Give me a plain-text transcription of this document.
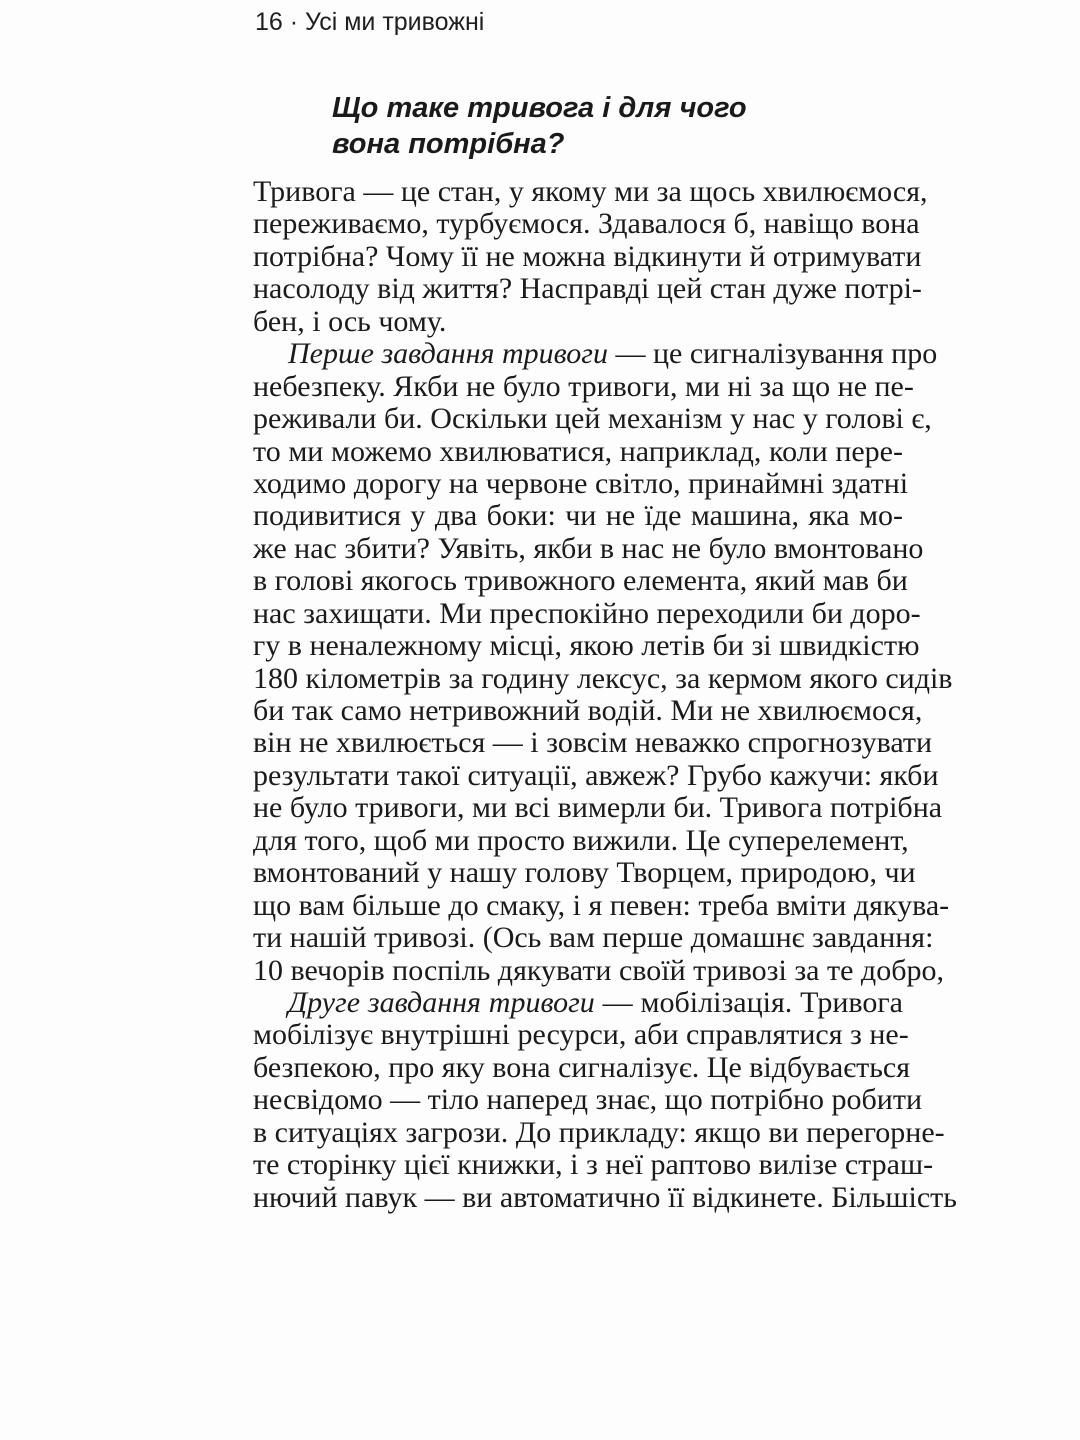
16 · Усі ми тривожні
Що таке тривога і для чого
вона потрібна?
Тривога — це стан, у якому ми за щось хвилюємося,
переживаємо, турбуємося. Здавалося б, навіщо вона
потрібна? Чому її не можна відкинути й отримувати
насолоду від життя? Насправді цей стан дуже потрі-
бен, і ось чому.
Перше завдання тривоги — це сигналізування про
небезпеку. Якби не було тривоги, ми ні за що не пе-
реживали би. Оскільки цей механізм у нас у голові є,
то ми можемо хвилюватися, наприклад, коли пере-
ходимо дорогу на червоне світло, принаймні здатні
подивитися у два боки: чи не їде машина, яка мо-
же нас збити? Уявіть, якби в нас не було вмонтовано
в голові якогось тривожного елемента, який мав би
нас захищати. Ми преспокійно переходили би доро-
гу в неналежному місці, якою летів би зі швидкістю
180 кілометрів за годину лексус, за кермом якого сидів
би так само нетривожний водій. Ми не хвилюємося,
він не хвилюється — і зовсім неважко спрогнозувати
результати такої ситуації, авжеж? Грубо кажучи: якби
не було тривоги, ми всі вимерли би. Тривога потрібна
для того, щоб ми просто вижили. Це суперелемент,
вмонтований у нашу голову Творцем, природою, чи
що вам більше до смаку, і я певен: треба вміти дякува-
ти нашій тривозі. (Ось вам перше домашнє завдання:
10 вечорів поспіль дякувати своїй тривозі за те добро,
Друге завдання тривоги — мобілізація. Тривога
мобілізує внутрішні ресурси, аби справлятися з не-
безпекою, про яку вона сигналізує. Це відбувається
несвідомо — тіло наперед знає, що потрібно робити
в ситуаціях загрози. До прикладу: якщо ви перегорне-
те сторінку цієї книжки, і з неї раптово вилізе страш-
нючий павук — ви автоматично її відкинете. Більшість
